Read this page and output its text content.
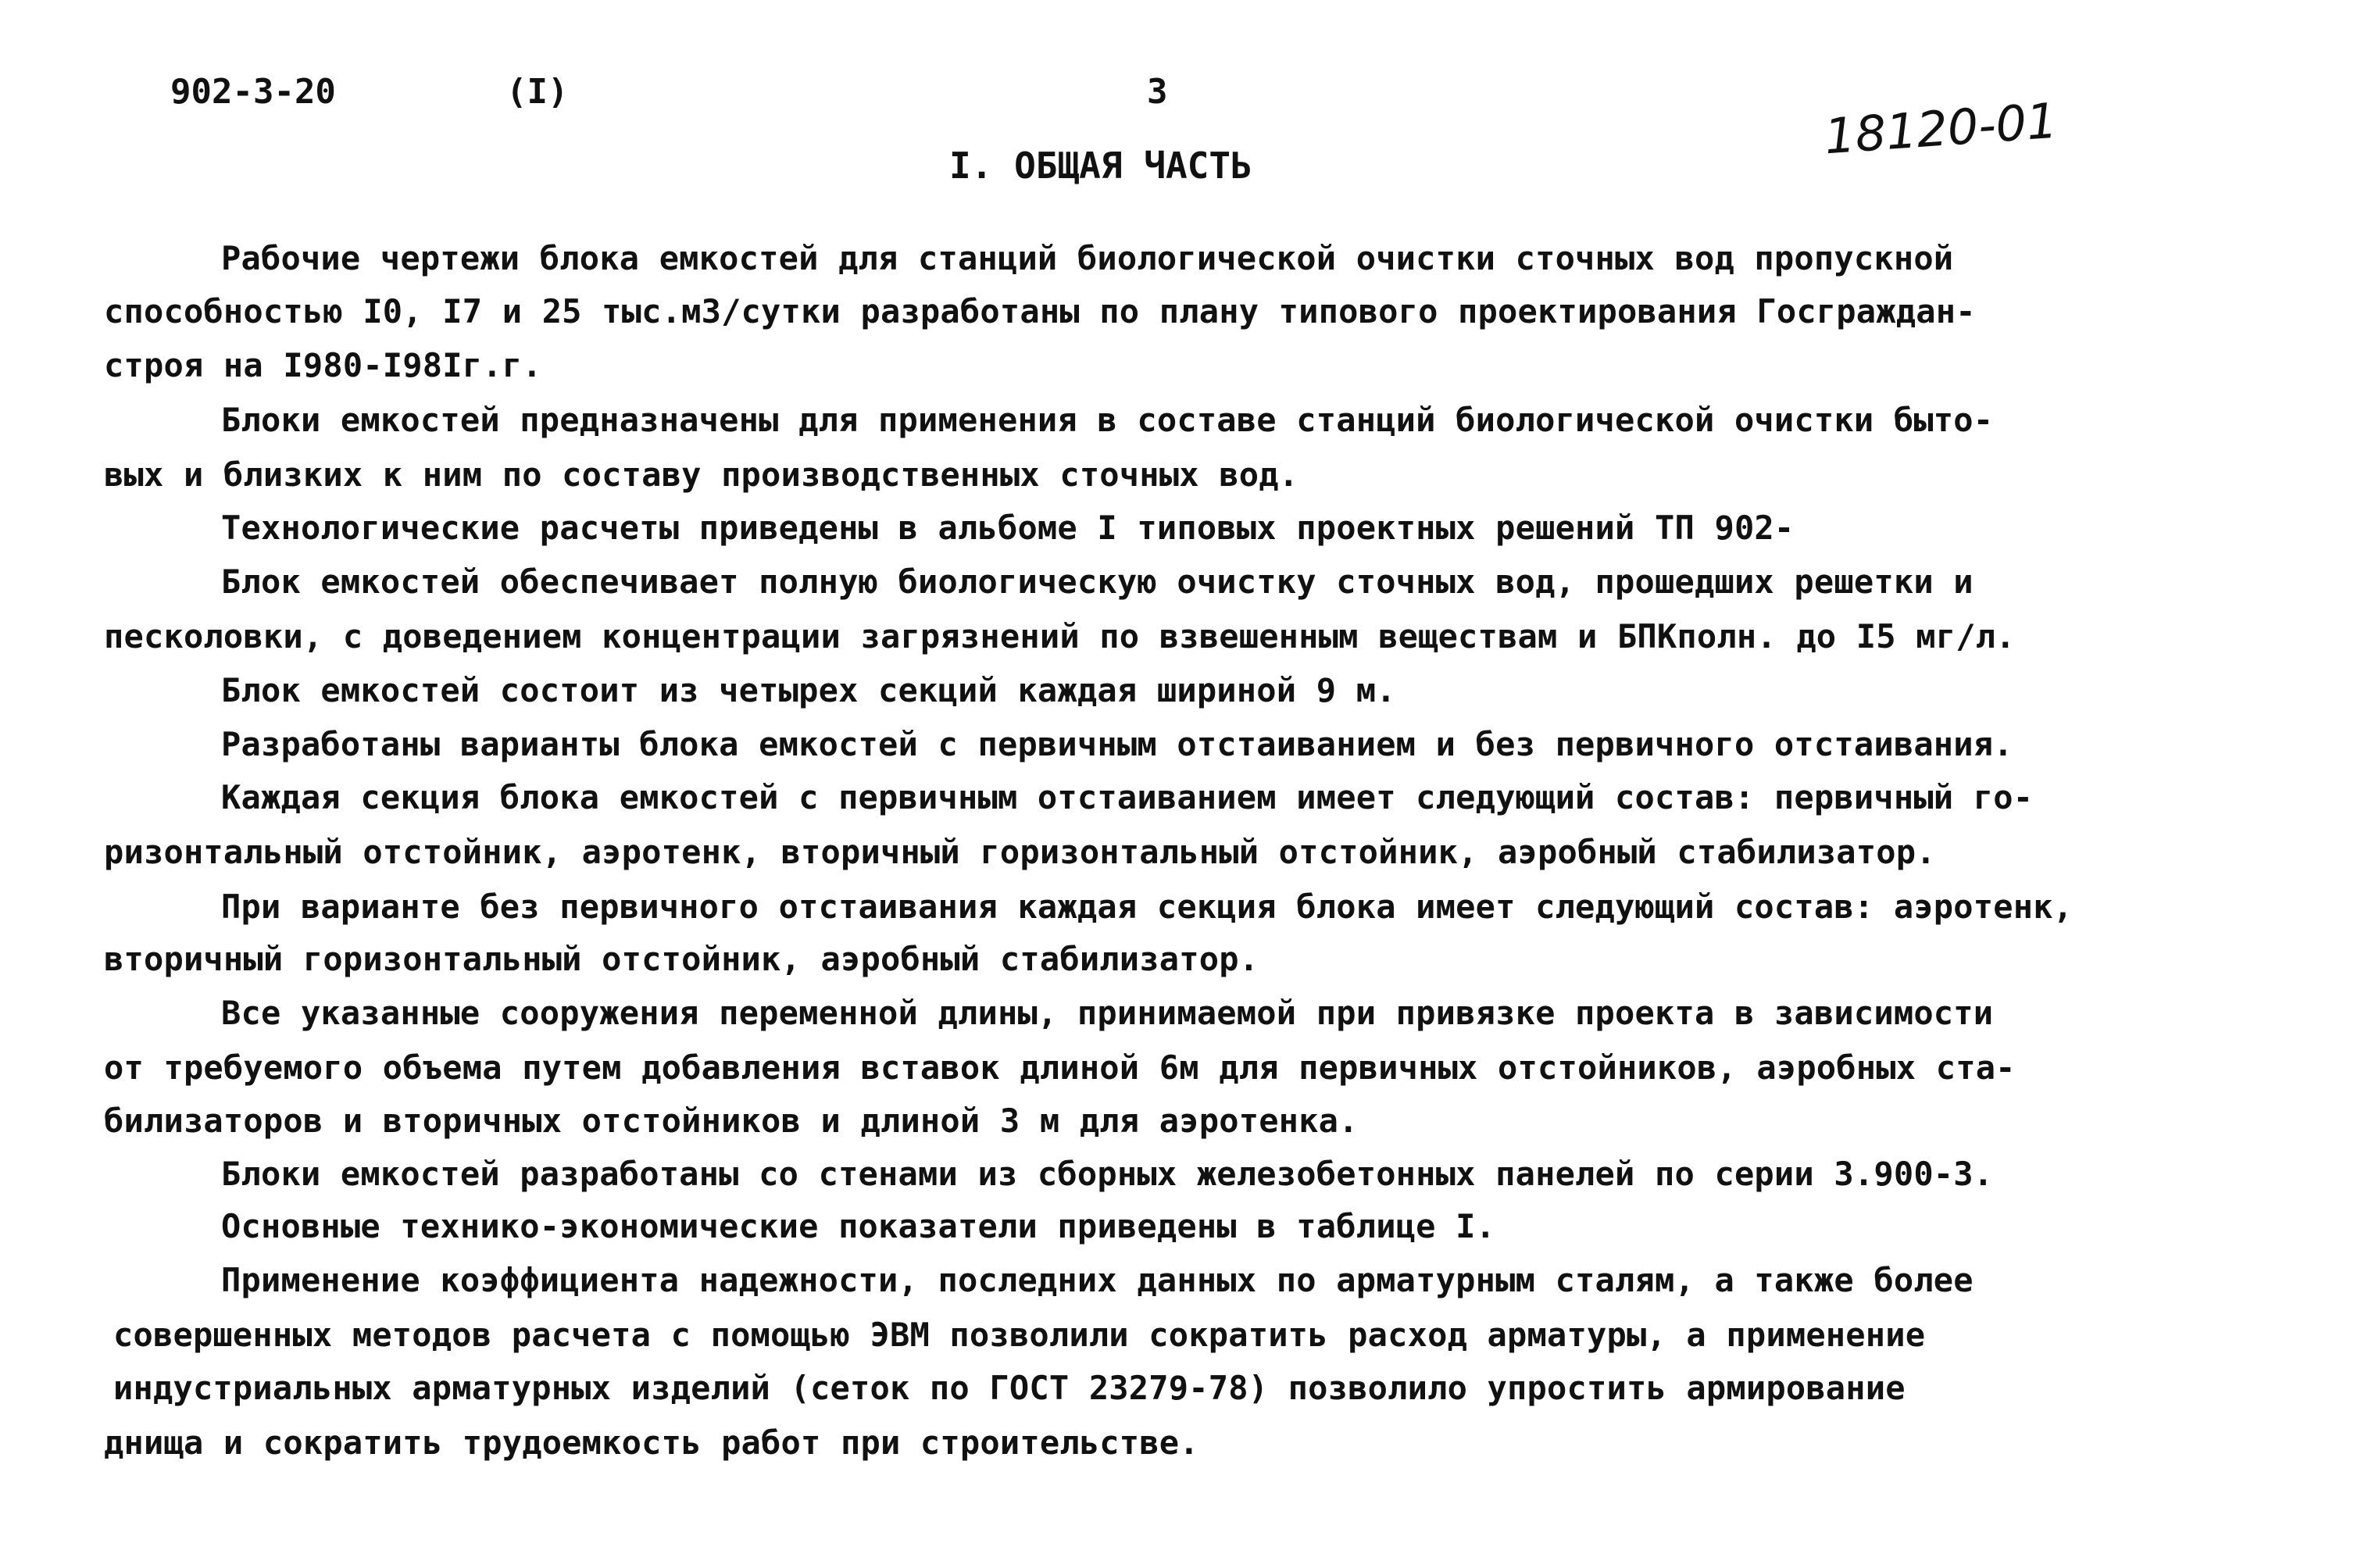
902-3-20	(I)	3
18120-01
I. ОБЩАЯ ЧАСТЬ
Рабочие чертежи блока емкостей для станций биологической очистки сточных вод пропускной
способностью I0, I7 и 25 тыс.м3/сутки разработаны по плану типового проектирования Госграждан-
строя на I980-I98Iг.г.
Блоки емкостей предназначены для применения в составе станций биологической очистки быто-
вых и близких к ним по составу производственных сточных вод.
Технологические расчеты приведены в альбоме I типовых проектных решений ТП 902-
Блок емкостей обеспечивает полную биологическую очистку сточных вод, прошедших решетки и
песколовки, с доведением концентрации загрязнений по взвешенным веществам и БПКполн. до I5 мг/л.
Блок емкостей состоит из четырех секций каждая шириной 9 м.
Разработаны варианты блока емкостей с первичным отстаиванием и без первичного отстаивания.
Каждая секция блока емкостей с первичным отстаиванием имеет следующий состав: первичный го-
ризонтальный отстойник, аэротенк, вторичный горизонтальный отстойник, аэробный стабилизатор.
При варианте без первичного отстаивания каждая секция блока имеет следующий состав: аэротенк,
вторичный горизонтальный отстойник, аэробный стабилизатор.
Все указанные сооружения переменной длины, принимаемой при привязке проекта в зависимости
от требуемого объема путем добавления вставок длиной 6м для первичных отстойников, аэробных ста-
билизаторов и вторичных отстойников и длиной 3 м для аэротенка.
Блоки емкостей разработаны со стенами из сборных железобетонных панелей по серии 3.900-3.
Основные технико-экономические показатели приведены в таблице I.
Применение коэффициента надежности, последних данных по арматурным сталям, а также более
совершенных методов расчета с помощью ЭВМ позволили сократить расход арматуры, а применение
индустриальных арматурных изделий (сеток по ГОСТ 23279-78) позволило упростить армирование
днища и сократить трудоемкость работ при строительстве.
